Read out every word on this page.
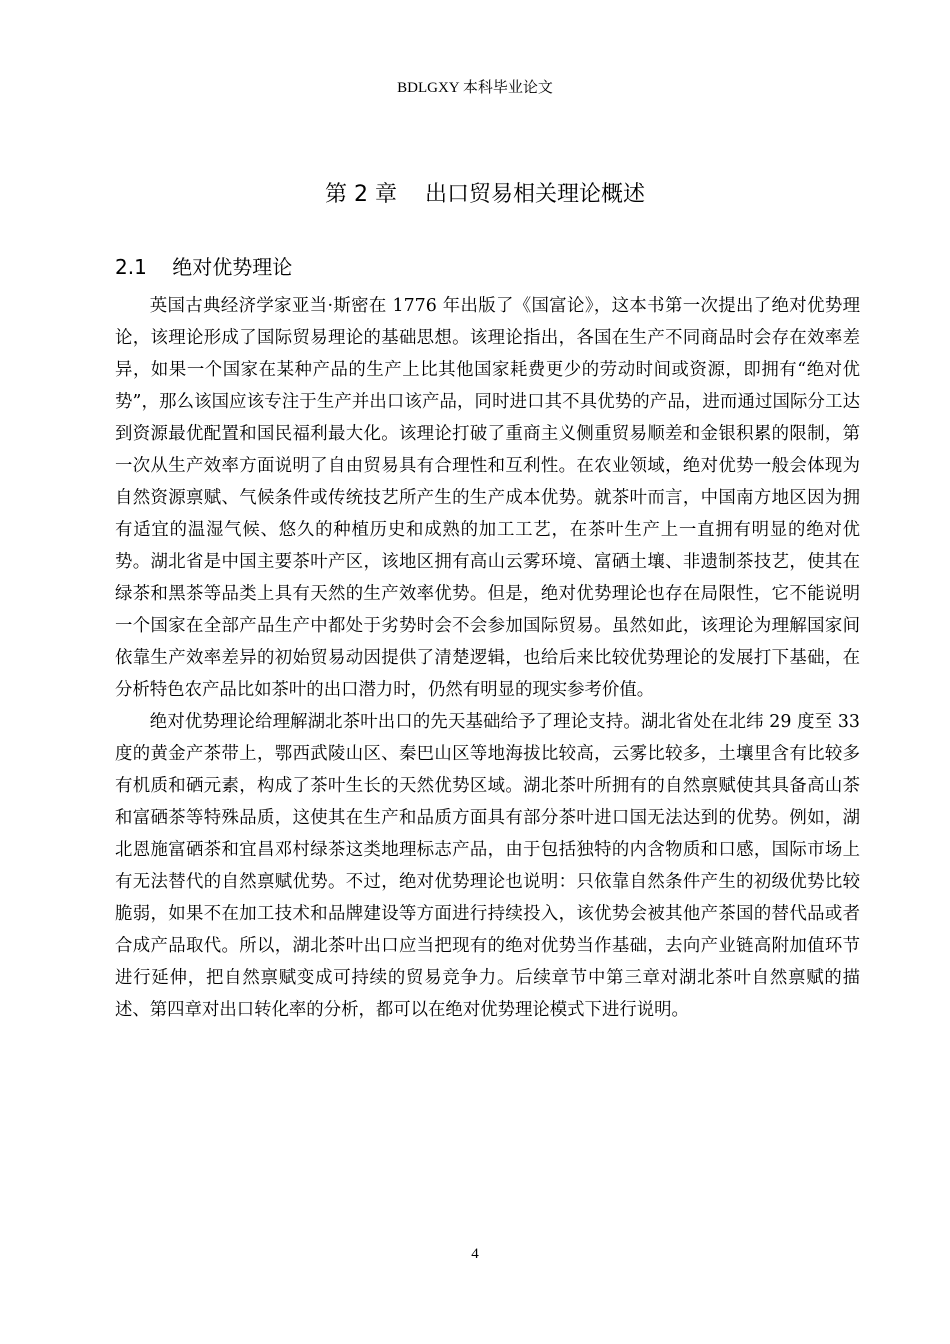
BDLGXY 本科毕业论文
第 2 章    出口贸易相关理论概述
2.1    绝对优势理论

英国古典经济学家亚当·斯密在 1776 年出版了《国富论》，这本书第一次提出了绝对优势理论，该理论形成了国际贸易理论的基础思想。该理论指出，各国在生产不同商品时会存在效率差异，如果一个国家在某种产品的生产上比其他国家耗费更少的劳动时间或资源，即拥有“绝对优势”，那么该国应该专注于生产并出口该产品，同时进口其不具优势的产品，进而通过国际分工达到资源最优配置和国民福利最大化。该理论打破了重商主义侧重贸易顺差和金银积累的限制，第一次从生产效率方面说明了自由贸易具有合理性和互利性。在农业领域，绝对优势一般会体现为自然资源禀赋、气候条件或传统技艺所产生的生产成本优势。就茶叶而言，中国南方地区因为拥有适宜的温湿气候、悠久的种植历史和成熟的加工工艺，在茶叶生产上一直拥有明显的绝对优势。湖北省是中国主要茶叶产区，该地区拥有高山云雾环境、富硒土壤、非遗制茶技艺，使其在绿茶和黑茶等品类上具有天然的生产效率优势。但是，绝对优势理论也存在局限性，它不能说明一个国家在全部产品生产中都处于劣势时会不会参加国际贸易。虽然如此，该理论为理解国家间依靠生产效率差异的初始贸易动因提供了清楚逻辑，也给后来比较优势理论的发展打下基础，在分析特色农产品比如茶叶的出口潜力时，仍然有明显的现实参考价值。

绝对优势理论给理解湖北茶叶出口的先天基础给予了理论支持。湖北省处在北纬 29 度至 33 度的黄金产茶带上，鄂西武陵山区、秦巴山区等地海拔比较高，云雾比较多，土壤里含有比较多有机质和硒元素，构成了茶叶生长的天然优势区域。湖北茶叶所拥有的自然禀赋使其具备高山茶和富硒茶等特殊品质，这使其在生产和品质方面具有部分茶叶进口国无法达到的优势。例如，湖北恩施富硒茶和宜昌邓村绿茶这类地理标志产品，由于包括独特的内含物质和口感，国际市场上有无法替代的自然禀赋优势。不过，绝对优势理论也说明：只依靠自然条件产生的初级优势比较脆弱，如果不在加工技术和品牌建设等方面进行持续投入，该优势会被其他产茶国的替代品或者合成产品取代。所以，湖北茶叶出口应当把现有的绝对优势当作基础，去向产业链高附加值环节进行延伸，把自然禀赋变成可持续的贸易竞争力。后续章节中第三章对湖北茶叶自然禀赋的描述、第四章对出口转化率的分析，都可以在绝对优势理论模式下进行说明。

4
